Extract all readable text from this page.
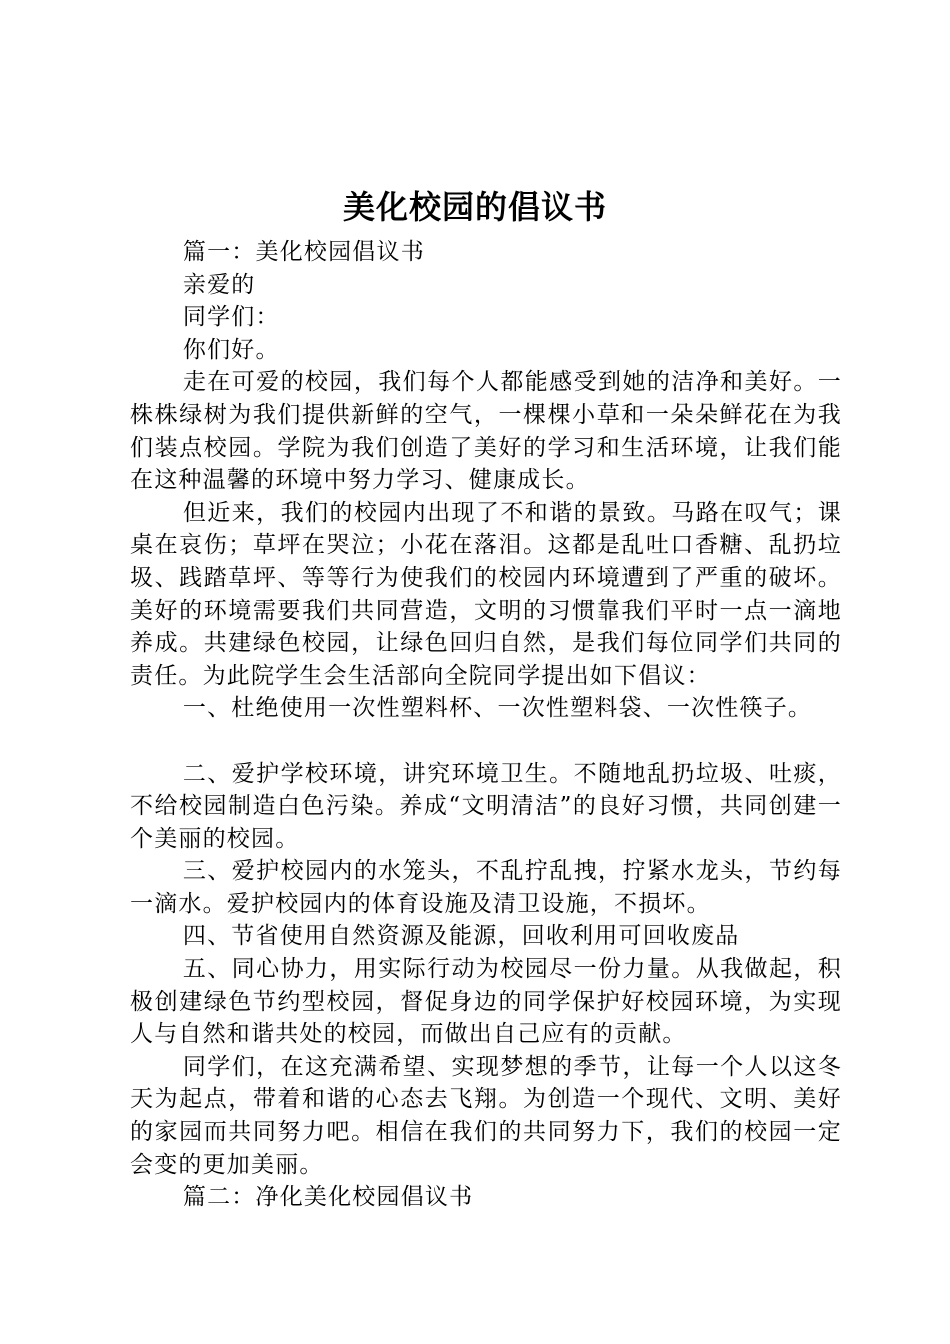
美化校园的倡议书

篇一：美化校园倡议书

亲爱的

同学们：

你们好。

走在可爱的校园，我们每个人都能感受到她的洁净和美好。一株株绿树为我们提供新鲜的空气，一棵棵小草和一朵朵鲜花在为我们装点校园。学院为我们创造了美好的学习和生活环境，让我们能在这种温馨的环境中努力学习、健康成长。

但近来，我们的校园内出现了不和谐的景致。马路在叹气；课桌在哀伤；草坪在哭泣；小花在落泪。这都是乱吐口香糖、乱扔垃圾、践踏草坪、等等行为使我们的校园内环境遭到了严重的破坏。美好的环境需要我们共同营造，文明的习惯靠我们平时一点一滴地养成。共建绿色校园，让绿色回归自然，是我们每位同学们共同的责任。为此院学生会生活部向全院同学提出如下倡议：

一、杜绝使用一次性塑料杯、一次性塑料袋、一次性筷子。

二、爱护学校环境，讲究环境卫生。不随地乱扔垃圾、吐痰，不给校园制造白色污染。养成“文明清洁”的良好习惯，共同创建一个美丽的校园。

三、爱护校园内的水笼头，不乱拧乱拽，拧紧水龙头，节约每一滴水。爱护校园内的体育设施及清卫设施，不损坏。

四、节省使用自然资源及能源，回收利用可回收废品

五、同心协力，用实际行动为校园尽一份力量。从我做起，积极创建绿色节约型校园，督促身边的同学保护好校园环境，为实现人与自然和谐共处的校园，而做出自己应有的贡献。

同学们，在这充满希望、实现梦想的季节，让每一个人以这冬天为起点，带着和谐的心态去飞翔。为创造一个现代、文明、美好的家园而共同努力吧。相信在我们的共同努力下，我们的校园一定会变的更加美丽。

篇二：净化美化校园倡议书
